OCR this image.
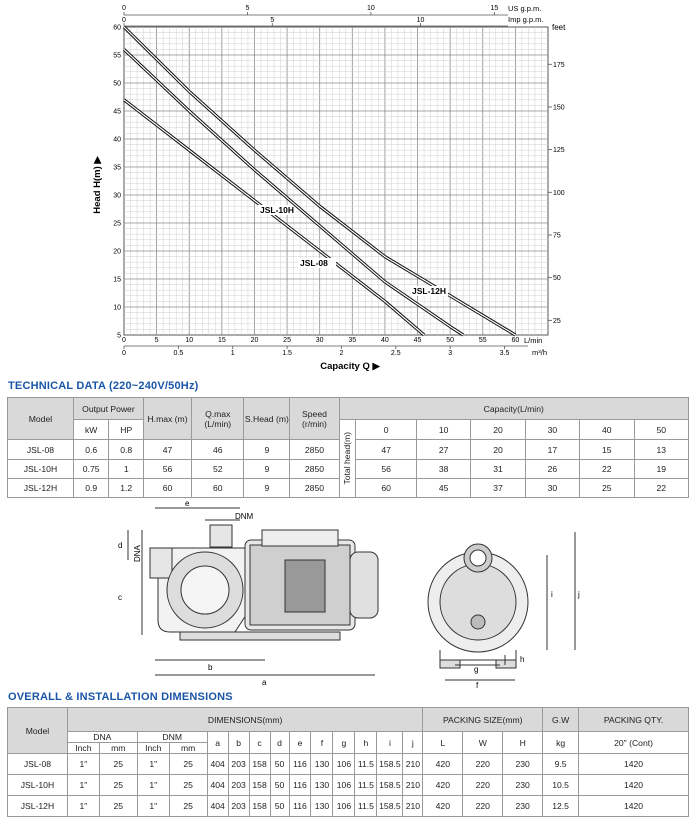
0	5	10	15	20	25	30	35	40	45	50	55	60
0	0.5	1	1.5	2	2.5	3	3.5
5
10
15
20
25
30
35
40
45
50
55
60
25
50
75
100
125
150
175
0	5	10	15
0	5	10
JSL-10H
JSL-08
JSL-12H
Head H(m) ▶
Capacity Q ▶
feet
US g.p.m.
Imp g.p.m.
L/min
m³/h
TECHNICAL DATA (220~240V/50Hz)
Model	Output Power		H.max (m)	Q.max (L/min)	S.Head (m)	Speed (r/min)	Capacity(L/min)						
	kW	HP					Total head(m)	0	10	20	30	40	50
JSL-08	0.6	0.8	47	46	9	2850		47	27	20	17	15	13
JSL-10H	0.75	1	56	52	9	2850		56	38	31	26	22	19
JSL-12H	0.9	1.2	60	60	9	2850		60	45	37	30	25	22
e
DNM
d DNA
c
b
a
i	j
g
h
f
OVERALL & INSTALLATION DIMENSIONS
Model	DIMENSIONS(mm)														PACKING SIZE(mm)			G.W	PACKING QTY.
	DNA		DNM		a	b	c	d	e	f	g	h	i	j	L	W	H	kg	20" (Cont)
	Inch	mm	Inch	mm															
JSL-08	1"	25	1"	25	404	203	158	50	116	130	106	11.5	158.5	210	420	220	230	9.5	1420
JSL-10H	1"	25	1"	25	404	203	158	50	116	130	106	11.5	158.5	210	420	220	230	10.5	1420
JSL-12H	1"	25	1"	25	404	203	158	50	116	130	106	11.5	158.5	210	420	220	230	12.5	1420
